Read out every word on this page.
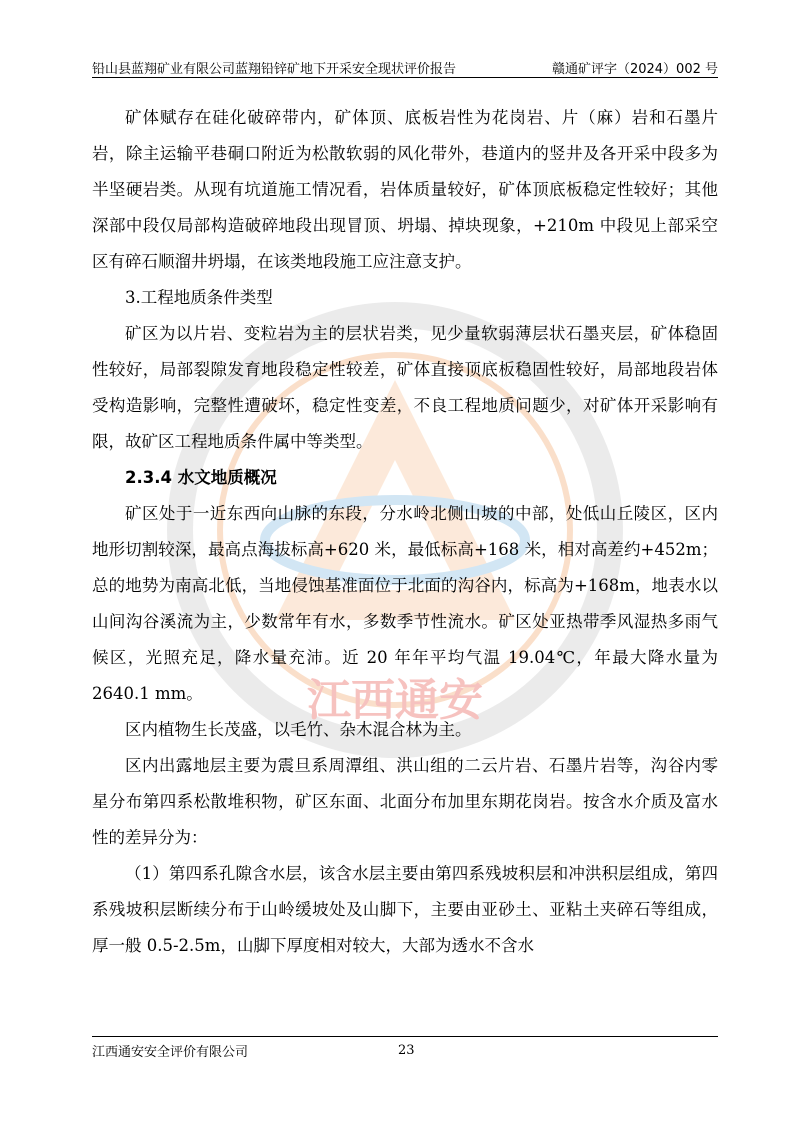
铅山县蓝翔矿业有限公司蓝翔铅锌矿地下开采安全现状评价报告	赣通矿评字（2024）002 号
江西通安

矿体赋存在硅化破碎带内，矿体顶、底板岩性为花岗岩、片（麻）岩和石墨片岩，除主运输平巷硐口附近为松散软弱的风化带外，巷道内的竖井及各开采中段多为半坚硬岩类。从现有坑道施工情况看，岩体质量较好，矿体顶底板稳定性较好；其他深部中段仅局部构造破碎地段出现冒顶、坍塌、掉块现象，+210m 中段见上部采空区有碎石顺溜井坍塌，在该类地段施工应注意支护。

3.工程地质条件类型

矿区为以片岩、变粒岩为主的层状岩类，见少量软弱薄层状石墨夹层，矿体稳固性较好，局部裂隙发育地段稳定性较差，矿体直接顶底板稳固性较好，局部地段岩体受构造影响，完整性遭破坏，稳定性变差，不良工程地质问题少，对矿体开采影响有限，故矿区工程地质条件属中等类型。

2.3.4 水文地质概况

矿区处于一近东西向山脉的东段，分水岭北侧山坡的中部，处低山丘陵区，区内地形切割较深，最高点海拔标高+620 米，最低标高+168 米，相对高差约+452m；总的地势为南高北低，当地侵蚀基准面位于北面的沟谷内，标高为+168m，地表水以山间沟谷溪流为主，少数常年有水，多数季节性流水。矿区处亚热带季风湿热多雨气候区，光照充足，降水量充沛。近 20 年年平均气温 19.04℃，年最大降水量为 2640.1 mm。

区内植物生长茂盛，以毛竹、杂木混合林为主。

区内出露地层主要为震旦系周潭组、洪山组的二云片岩、石墨片岩等，沟谷内零星分布第四系松散堆积物，矿区东面、北面分布加里东期花岗岩。按含水介质及富水性的差异分为：

（1）第四系孔隙含水层，该含水层主要由第四系残坡积层和冲洪积层组成，第四系残坡积层断续分布于山岭缓坡处及山脚下，主要由亚砂土、亚粘土夹碎石等组成，厚一般 0.5-2.5m，山脚下厚度相对较大，大部为透水不含水

江西通安安全评价有限公司	23
